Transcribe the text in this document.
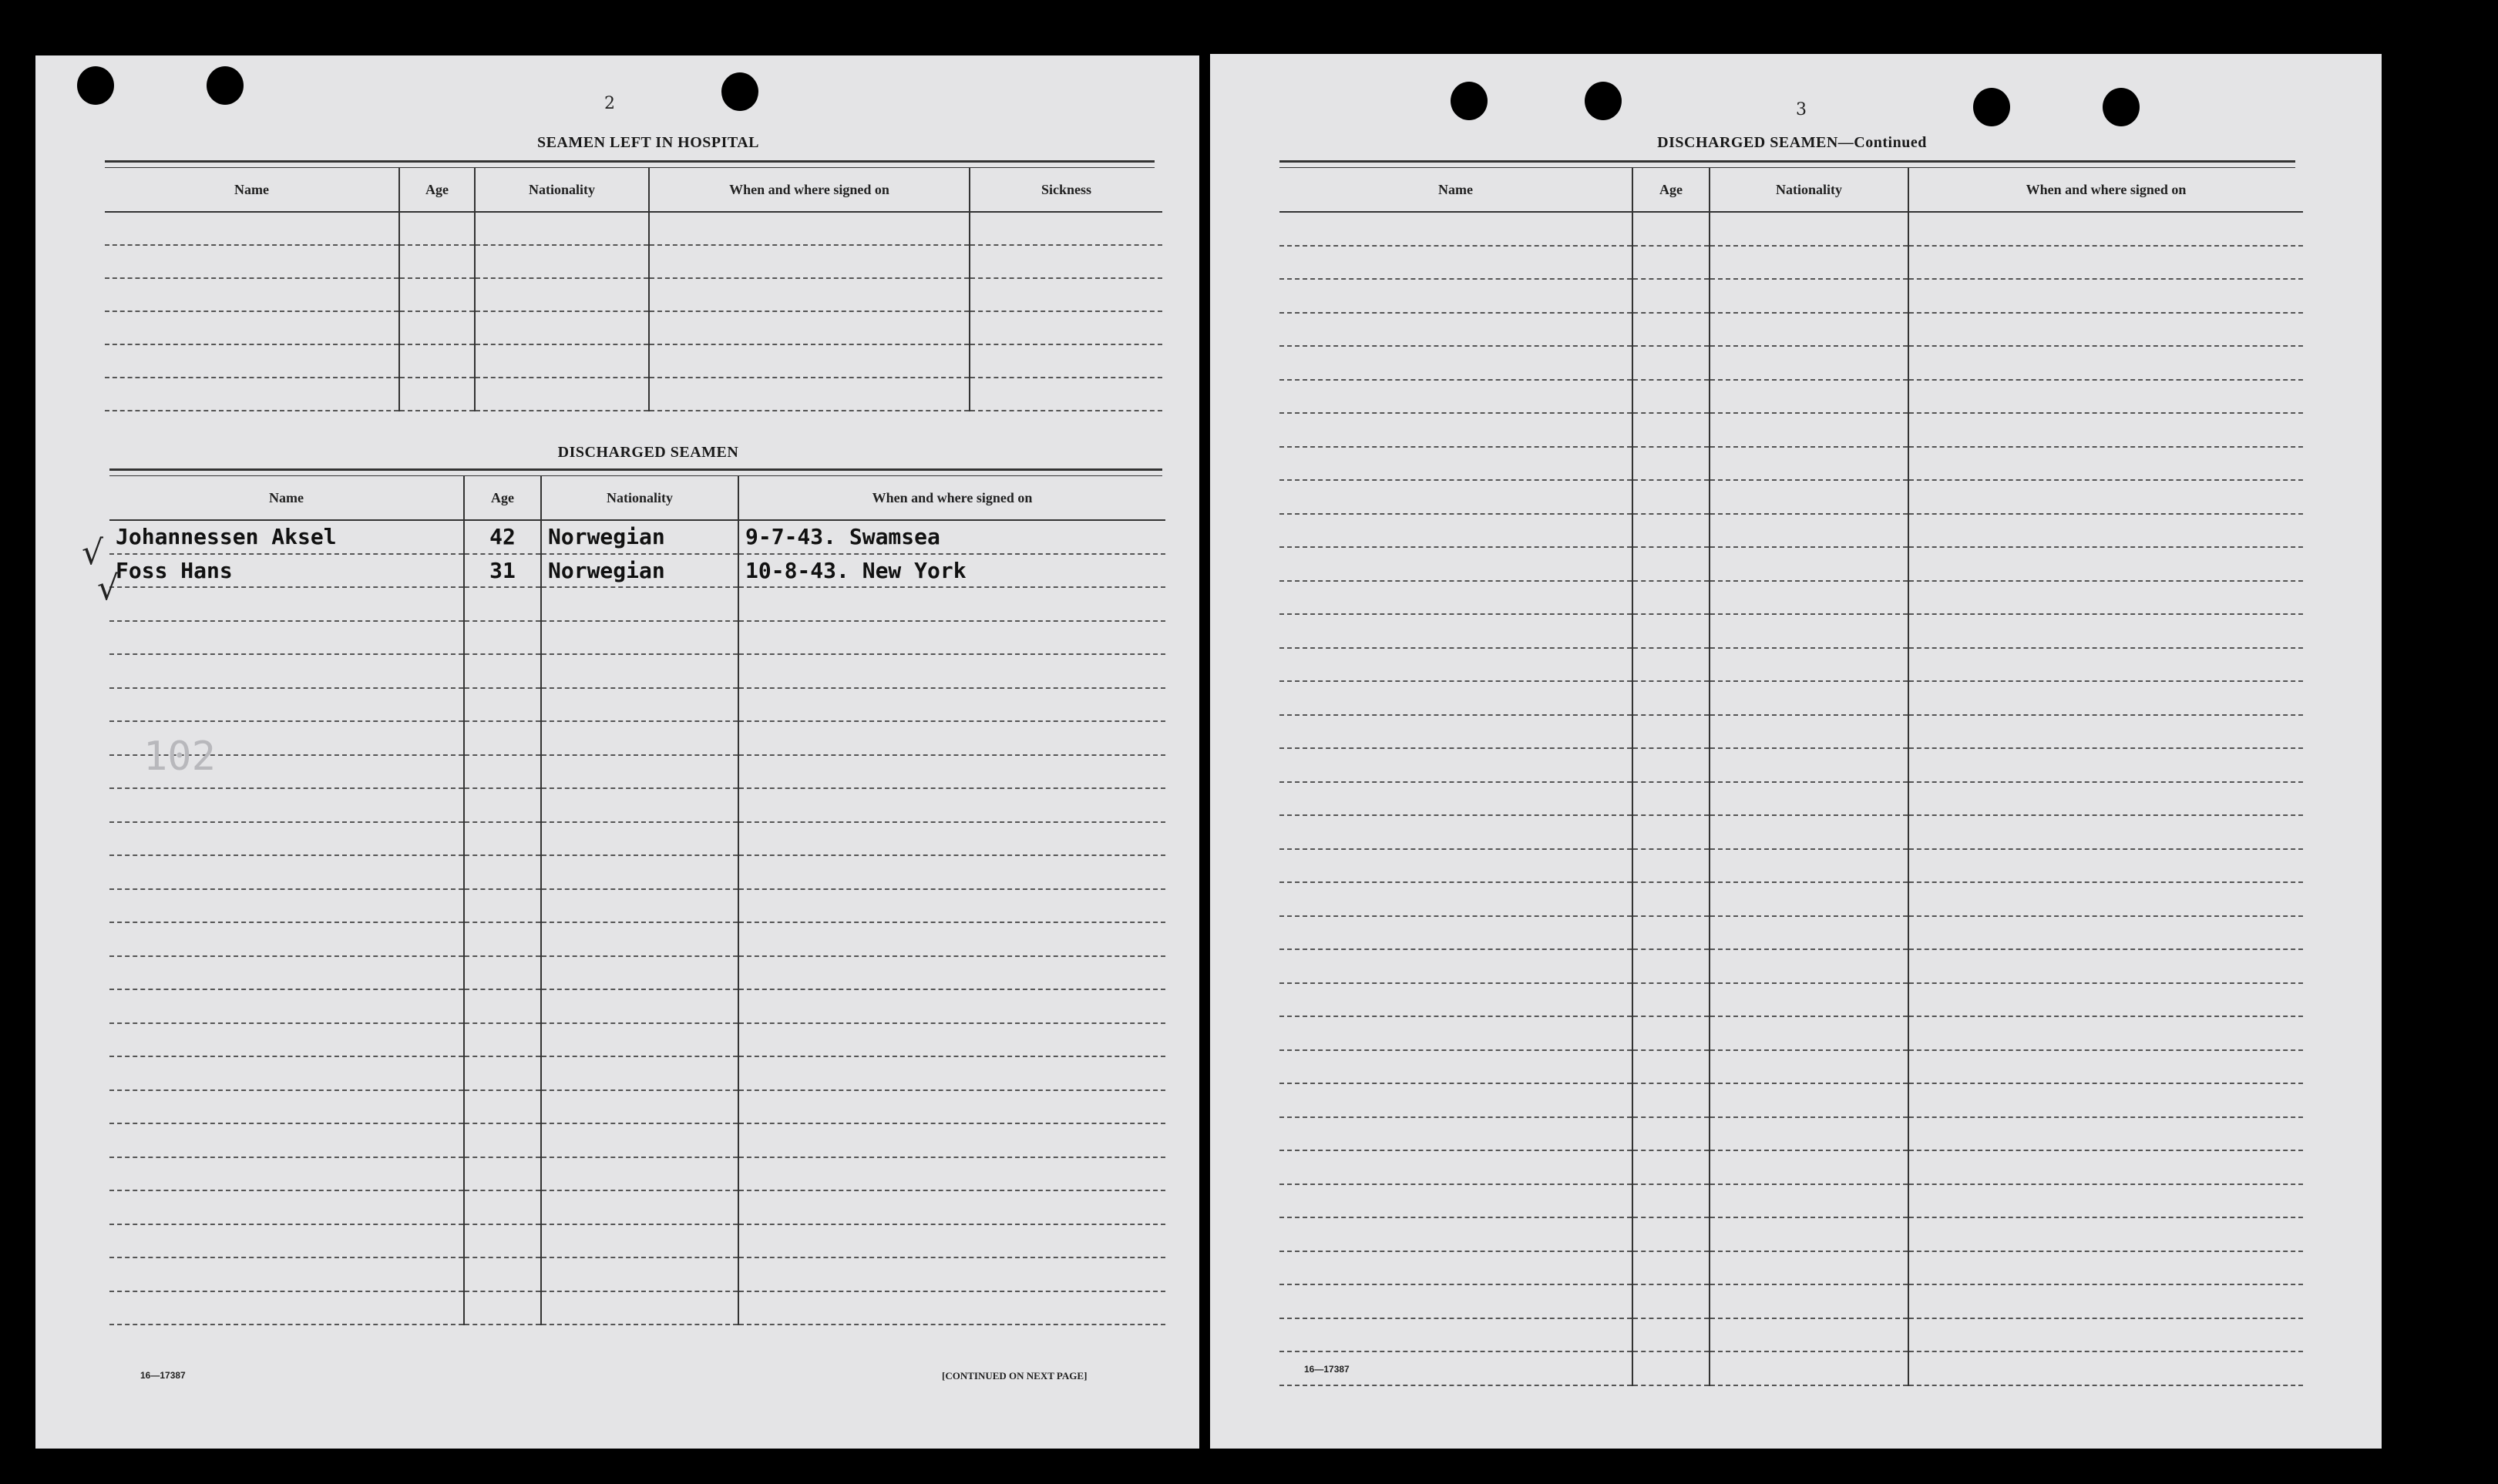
2
SEAMEN LEFT IN HOSPITAL
Name	Age	Nationality	When and where signed on	Sickness

DISCHARGED SEAMEN
Name	Age	Nationality	When and where signed on
Johannessen Aksel	42	Norwegian	9-7-43. Swamsea
Foss Hans	31	Norwegian	10-8-43. New York

√
√
102
16—17387	[CONTINUED ON NEXT PAGE]
3
DISCHARGED SEAMEN—Continued
Name	Age	Nationality	When and where signed on

16—17387
